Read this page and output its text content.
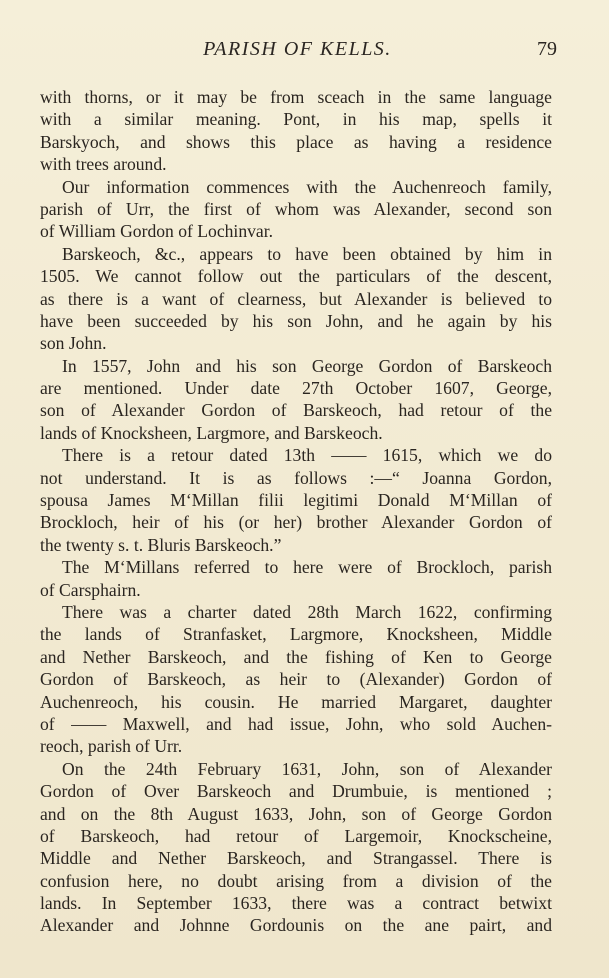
PARISH OF KELLS.	79
with thorns, or it may be from sceach in the same language
with a similar meaning. Pont, in his map, spells it
Barskyoch, and shows this place as having a residence
with trees around.
Our information commences with the Auchenreoch family,
parish of Urr, the first of whom was Alexander, second son
of William Gordon of Lochinvar.
Barskeoch, &c., appears to have been obtained by him in
1505. We cannot follow out the particulars of the descent,
as there is a want of clearness, but Alexander is believed to
have been succeeded by his son John, and he again by his
son John.
In 1557, John and his son George Gordon of Barskeoch
are mentioned. Under date 27th October 1607, George,
son of Alexander Gordon of Barskeoch, had retour of the
lands of Knocksheen, Largmore, and Barskeoch.
There is a retour dated 13th —— 1615, which we do
not understand. It is as follows :—“ Joanna Gordon,
spousa James M‘Millan filii legitimi Donald M‘Millan of
Brockloch, heir of his (or her) brother Alexander Gordon of
the twenty s. t. Bluris Barskeoch.”
The M‘Millans referred to here were of Brockloch, parish
of Carsphairn.
There was a charter dated 28th March 1622, confirming
the lands of Stranfasket, Largmore, Knocksheen, Middle
and Nether Barskeoch, and the fishing of Ken to George
Gordon of Barskeoch, as heir to (Alexander) Gordon of
Auchenreoch, his cousin. He married Margaret, daughter
of —— Maxwell, and had issue, John, who sold Auchen-
reoch, parish of Urr.
On the 24th February 1631, John, son of Alexander
Gordon of Over Barskeoch and Drumbuie, is mentioned ;
and on the 8th August 1633, John, son of George Gordon
of Barskeoch, had retour of Largemoir, Knockscheine,
Middle and Nether Barskeoch, and Strangassel. There is
confusion here, no doubt arising from a division of the
lands. In September 1633, there was a contract betwixt
Alexander and Johnne Gordounis on the ane pairt, and
